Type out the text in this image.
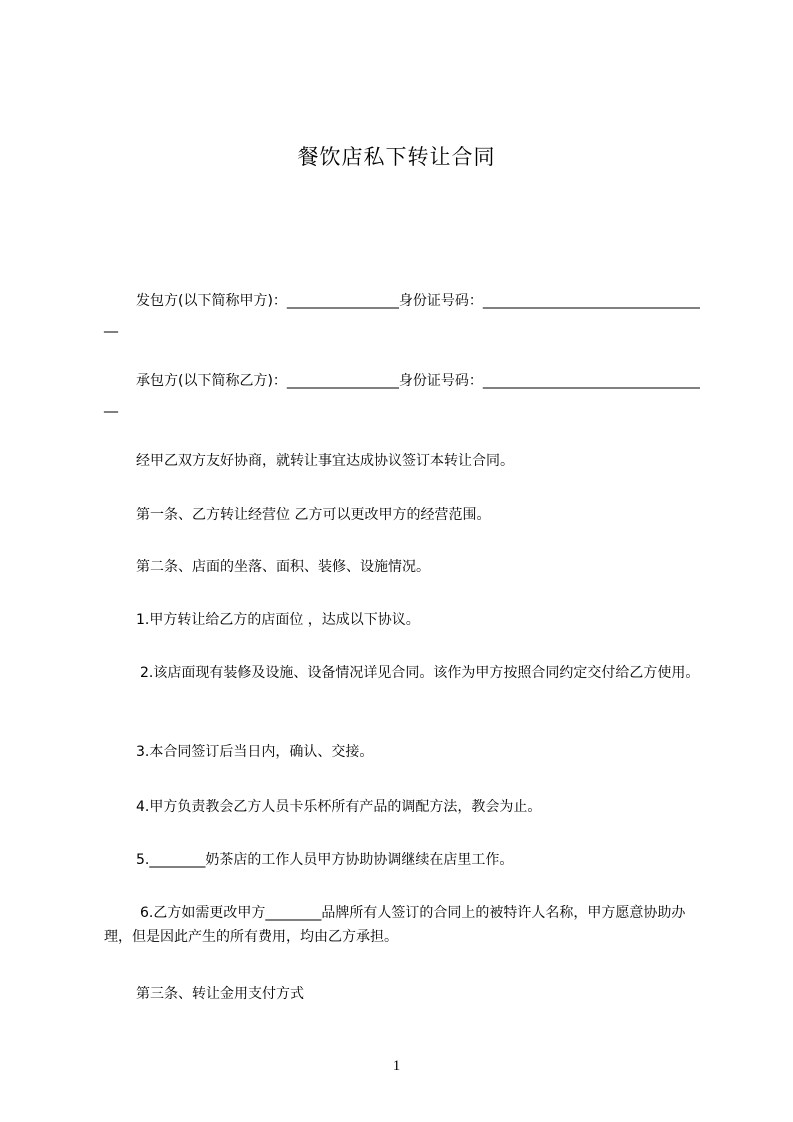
餐饮店私下转让合同

发包方(以下简称甲方)：________________身份证号码：_________________________________

承包方(以下简称乙方)：________________身份证号码：_________________________________

经甲乙双方友好协商，就转让事宜达成协议签订本转让合同。

第一条、乙方转让经营位 乙方可以更改甲方的经营范围。

第二条、店面的坐落、面积、装修、设施情况。

1.甲方转让给乙方的店面位 ，达成以下协议。

2.该店面现有装修及设施、设备情况详见合同。该作为甲方按照合同约定交付给乙方使用。

3.本合同签订后当日内，确认、交接。

4.甲方负责教会乙方人员卡乐杯所有产品的调配方法，教会为止。

5.________奶茶店的工作人员甲方协助协调继续在店里工作。

6.乙方如需更改甲方________品牌所有人签订的合同上的被特许人名称，甲方愿意协助办理，但是因此产生的所有费用，均由乙方承担。

第三条、转让金用支付方式

1
